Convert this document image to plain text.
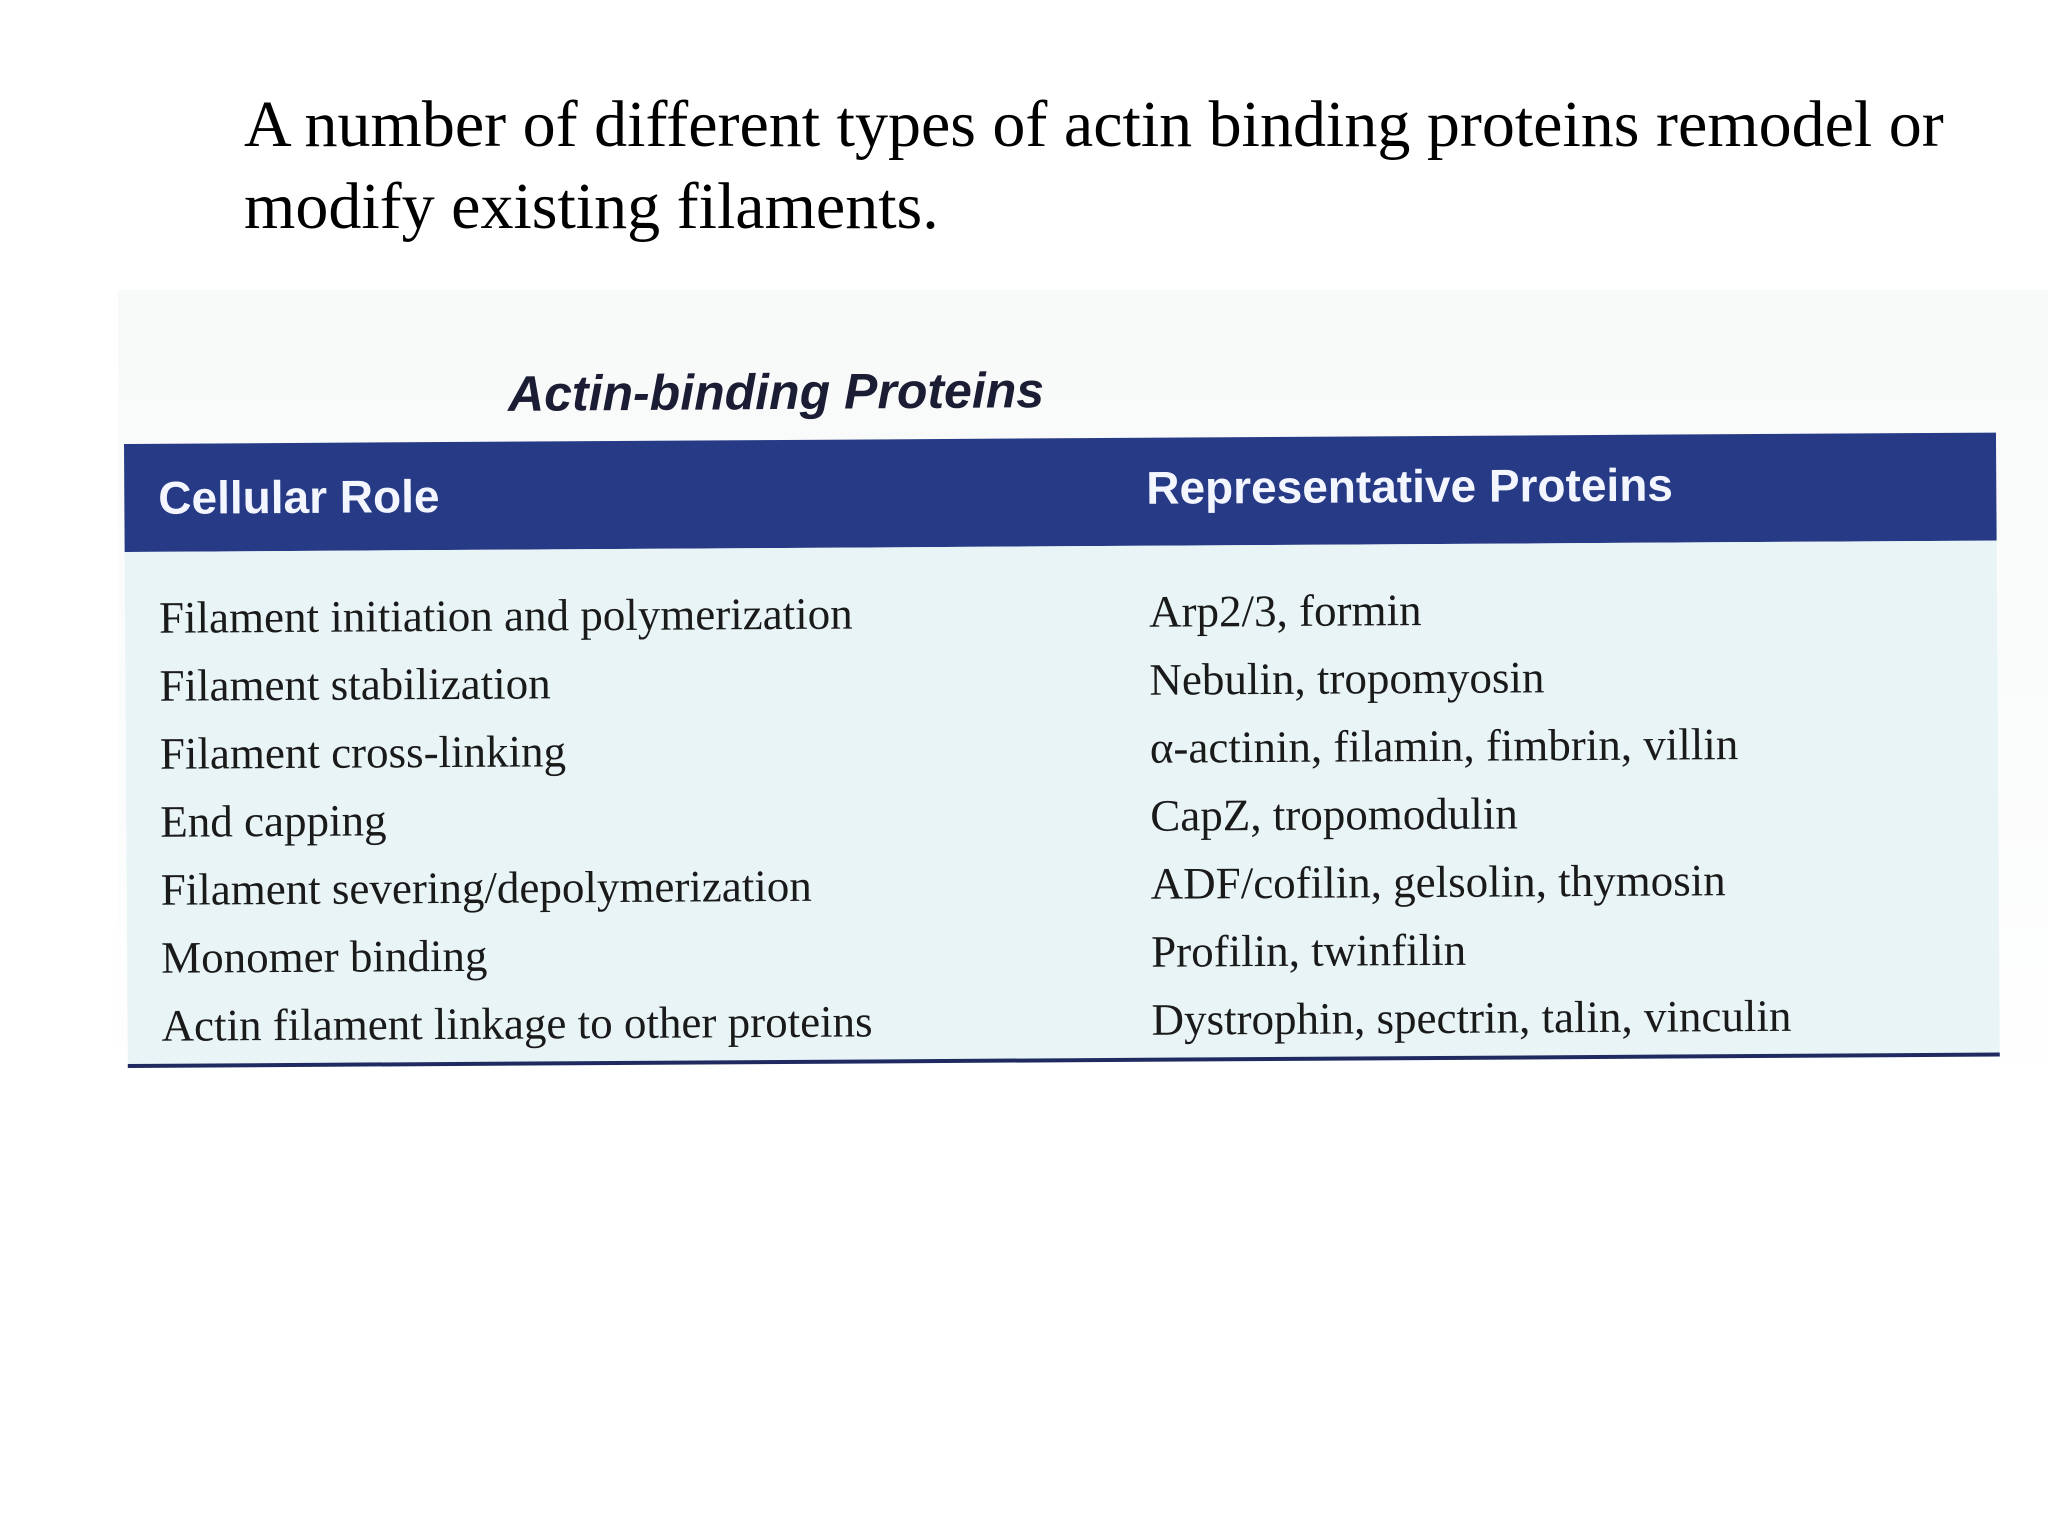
A number of different types of actin binding proteins remodel or modify existing filaments.
Actin-binding Proteins
Cellular Role	Representative Proteins
Filament initiation and polymerization	Arp2/3, formin
Filament stabilization	Nebulin, tropomyosin
Filament cross-linking	α-actinin, filamin, fimbrin, villin
End capping	CapZ, tropomodulin
Filament severing/depolymerization	ADF/cofilin, gelsolin, thymosin
Monomer binding	Profilin, twinfilin
Actin filament linkage to other proteins	Dystrophin, spectrin, talin, vinculin
